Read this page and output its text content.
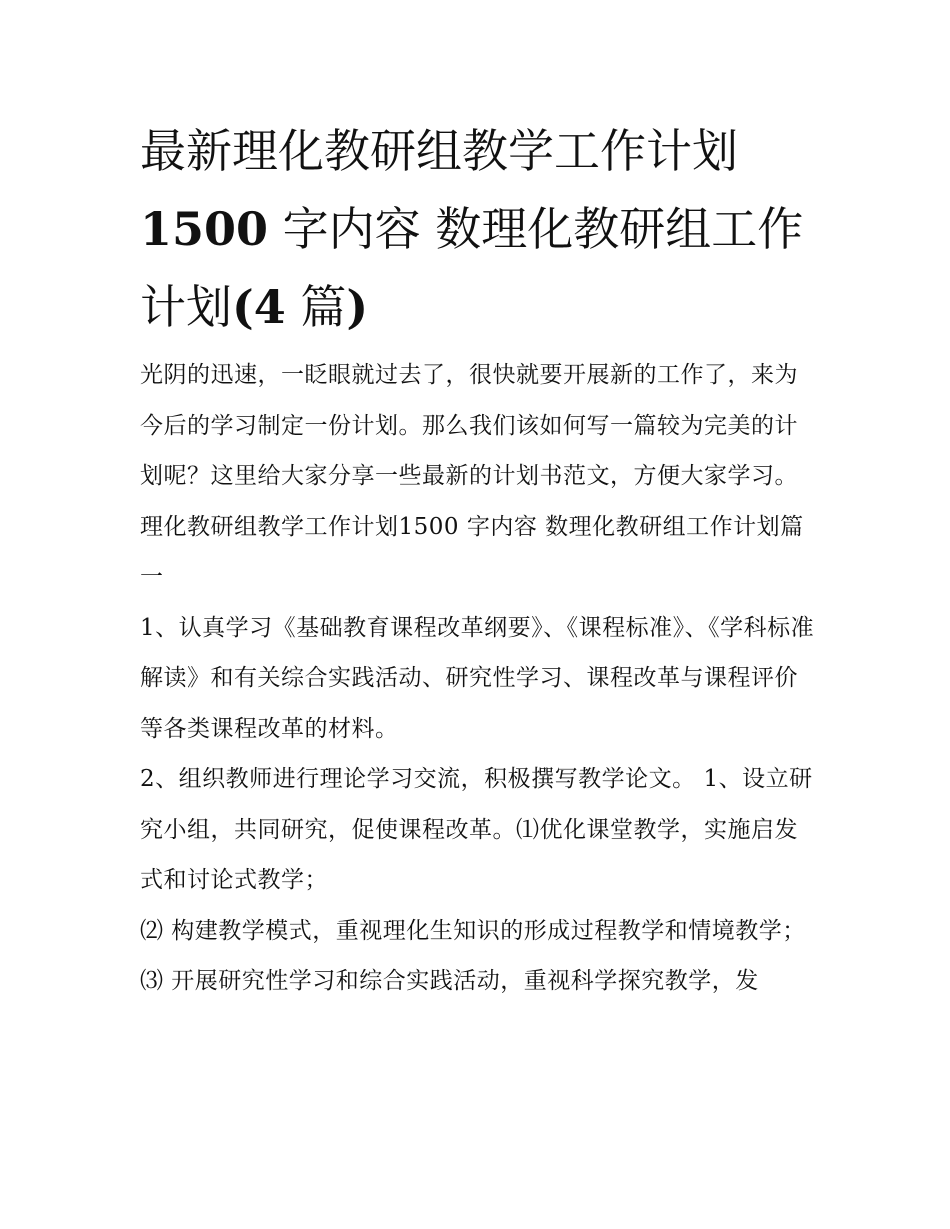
最新理化教研组教学工作计划1500 字内容 数理化教研组工作计划(4 篇)

光阴的迅速，一眨眼就过去了，很快就要开展新的工作了，来为今后的学习制定一份计划。那么我们该如何写一篇较为完美的计划呢？这里给大家分享一些最新的计划书范文，方便大家学习。

理化教研组教学工作计划1500 字内容 数理化教研组工作计划篇一

1、认真学习《基础教育课程改革纲要》、《课程标准》、《学科标准解读》和有关综合实践活动、研究性学习、课程改革与课程评价等各类课程改革的材料。

2、组织教师进行理论学习交流，积极撰写教学论文。 1、设立研究小组，共同研究，促使课程改革。⑴优化课堂教学，实施启发式和讨论式教学；

⑵ 构建教学模式，重视理化生知识的形成过程教学和情境教学；

⑶ 开展研究性学习和综合实践活动，重视科学探究教学，发
